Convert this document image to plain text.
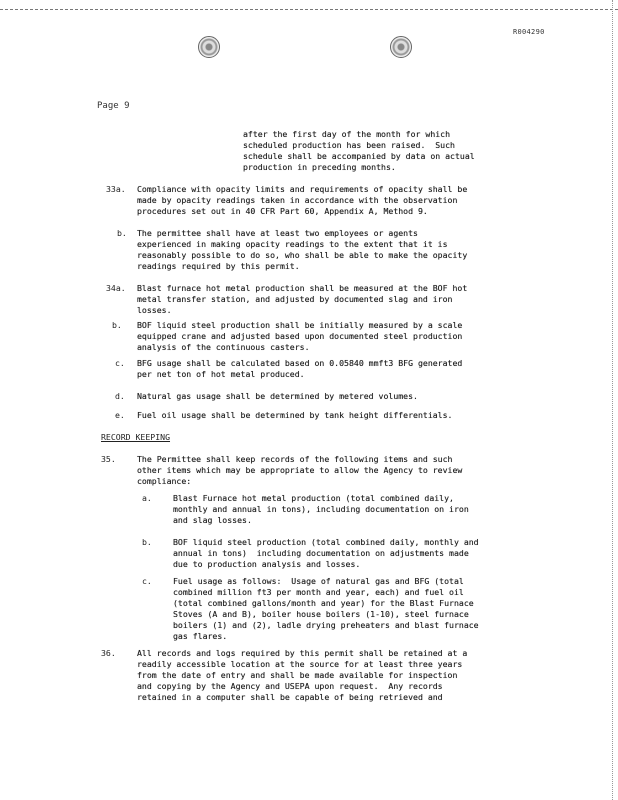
R004290
Page 9
after the first day of the month for which
scheduled production has been raised.  Such
schedule shall be accompanied by data on actual
production in preceding months.
33a. Compliance with opacity limits and requirements of opacity shall be
made by opacity readings taken in accordance with the observation
procedures set out in 40 CFR Part 60, Appendix A, Method 9.
b. The permittee shall have at least two employees or agents
experienced in making opacity readings to the extent that it is
reasonably possible to do so, who shall be able to make the opacity
readings required by this permit.
34a. Blast furnace hot metal production shall be measured at the BOF hot
metal transfer station, and adjusted by documented slag and iron
losses.
b. BOF liquid steel production shall be initially measured by a scale
equipped crane and adjusted based upon documented steel production
analysis of the continuous casters.
c. BFG usage shall be calculated based on 0.05840 mmft3 BFG generated
per net ton of hot metal produced.
d. Natural gas usage shall be determined by metered volumes.
e. Fuel oil usage shall be determined by tank height differentials.
RECORD KEEPING
35.	The Permittee shall keep records of the following items and such
other items which may be appropriate to allow the Agency to review
compliance:
a.	Blast Furnace hot metal production (total combined daily,
monthly and annual in tons), including documentation on iron
and slag losses.
b.	BOF liquid steel production (total combined daily, monthly and
annual in tons)  including documentation on adjustments made
due to production analysis and losses.
c.	Fuel usage as follows:  Usage of natural gas and BFG (total
combined million ft3 per month and year, each) and fuel oil
(total combined gallons/month and year) for the Blast Furnace
Stoves (A and B), boiler house boilers (1-10), steel furnace
boilers (1) and (2), ladle drying preheaters and blast furnace
gas flares.
36.	All records and logs required by this permit shall be retained at a
readily accessible location at the source for at least three years
from the date of entry and shall be made available for inspection
and copying by the Agency and USEPA upon request.  Any records
retained in a computer shall be capable of being retrieved and
